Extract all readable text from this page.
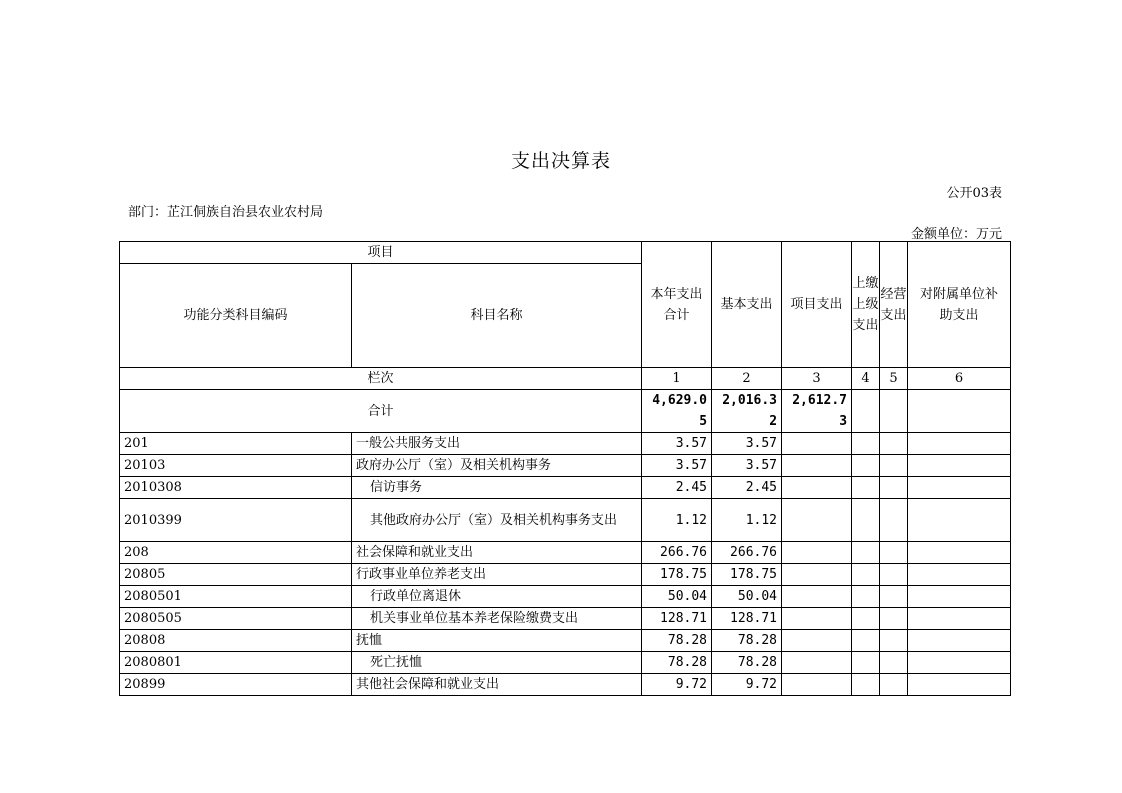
支出决算表
公开03表
部门：芷江侗族自治县农业农村局
金额单位：万元
项目		本年支出合计	基本支出	项目支出	上缴上级支出	经营支出	对附属单位补助支出
功能分类科目编码	科目名称						
栏次		1	2	3	4	5	6
合计		4,629.05	2,016.32	2,612.73			
201	一般公共服务支出	3.57	3.57				
20103	政府办公厅（室）及相关机构事务	3.57	3.57				
2010308	信访事务	2.45	2.45				
2010399	其他政府办公厅（室）及相关机构事务支出	1.12	1.12				
208	社会保障和就业支出	266.76	266.76				
20805	行政事业单位养老支出	178.75	178.75				
2080501	行政单位离退休	50.04	50.04				
2080505	机关事业单位基本养老保险缴费支出	128.71	128.71				
20808	抚恤	78.28	78.28				
2080801	死亡抚恤	78.28	78.28				
20899	其他社会保障和就业支出	9.72	9.72				
